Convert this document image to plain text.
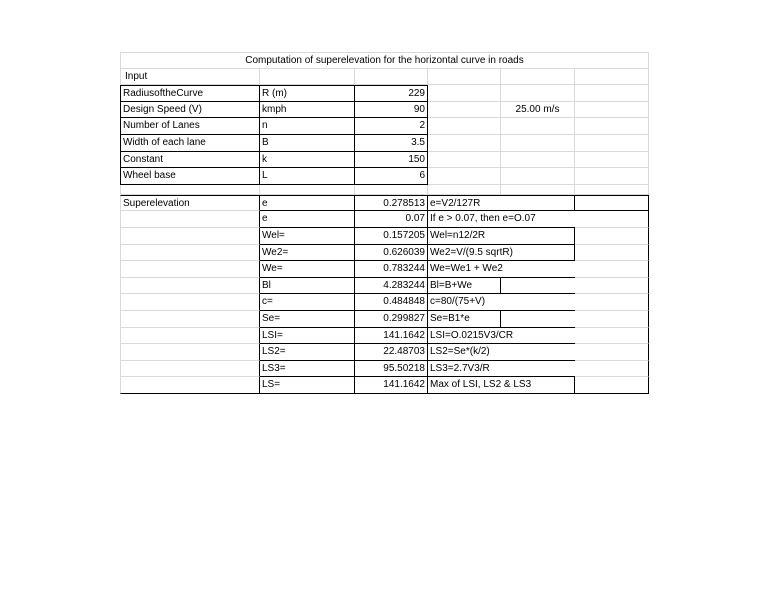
Computation of superelevation for the horizontal curve in roads
Input
RadiusoftheCurve	R (m)	229
Design Speed (V)	kmph	90	25.00 m/s
Number of Lanes	n	2
Width of each lane	B	3.5
Constant	k	150
Wheel base	L	6
Superelevation	e	0.278513 e=V2/127R
e	0.07 If e > 0.07, then e=O.07
Wel=	0.157205 Wel=n12/2R
We2=	0.626039 We2=V/(9.5 sqrtR)
We=	0.783244 We=We1 + We2
Bl	4.283244 Bl=B+We
c=	0.484848 c=80/(75+V)
Se=	0.299827 Se=B1*e
LSI=	141.1642 LSI=O.0215V3/CR
LS2=	22.48703 LS2=Se*(k/2)
LS3=	95.50218 LS3=2.7V3/R
LS=	141.1642 Max of LSI, LS2 & LS3
